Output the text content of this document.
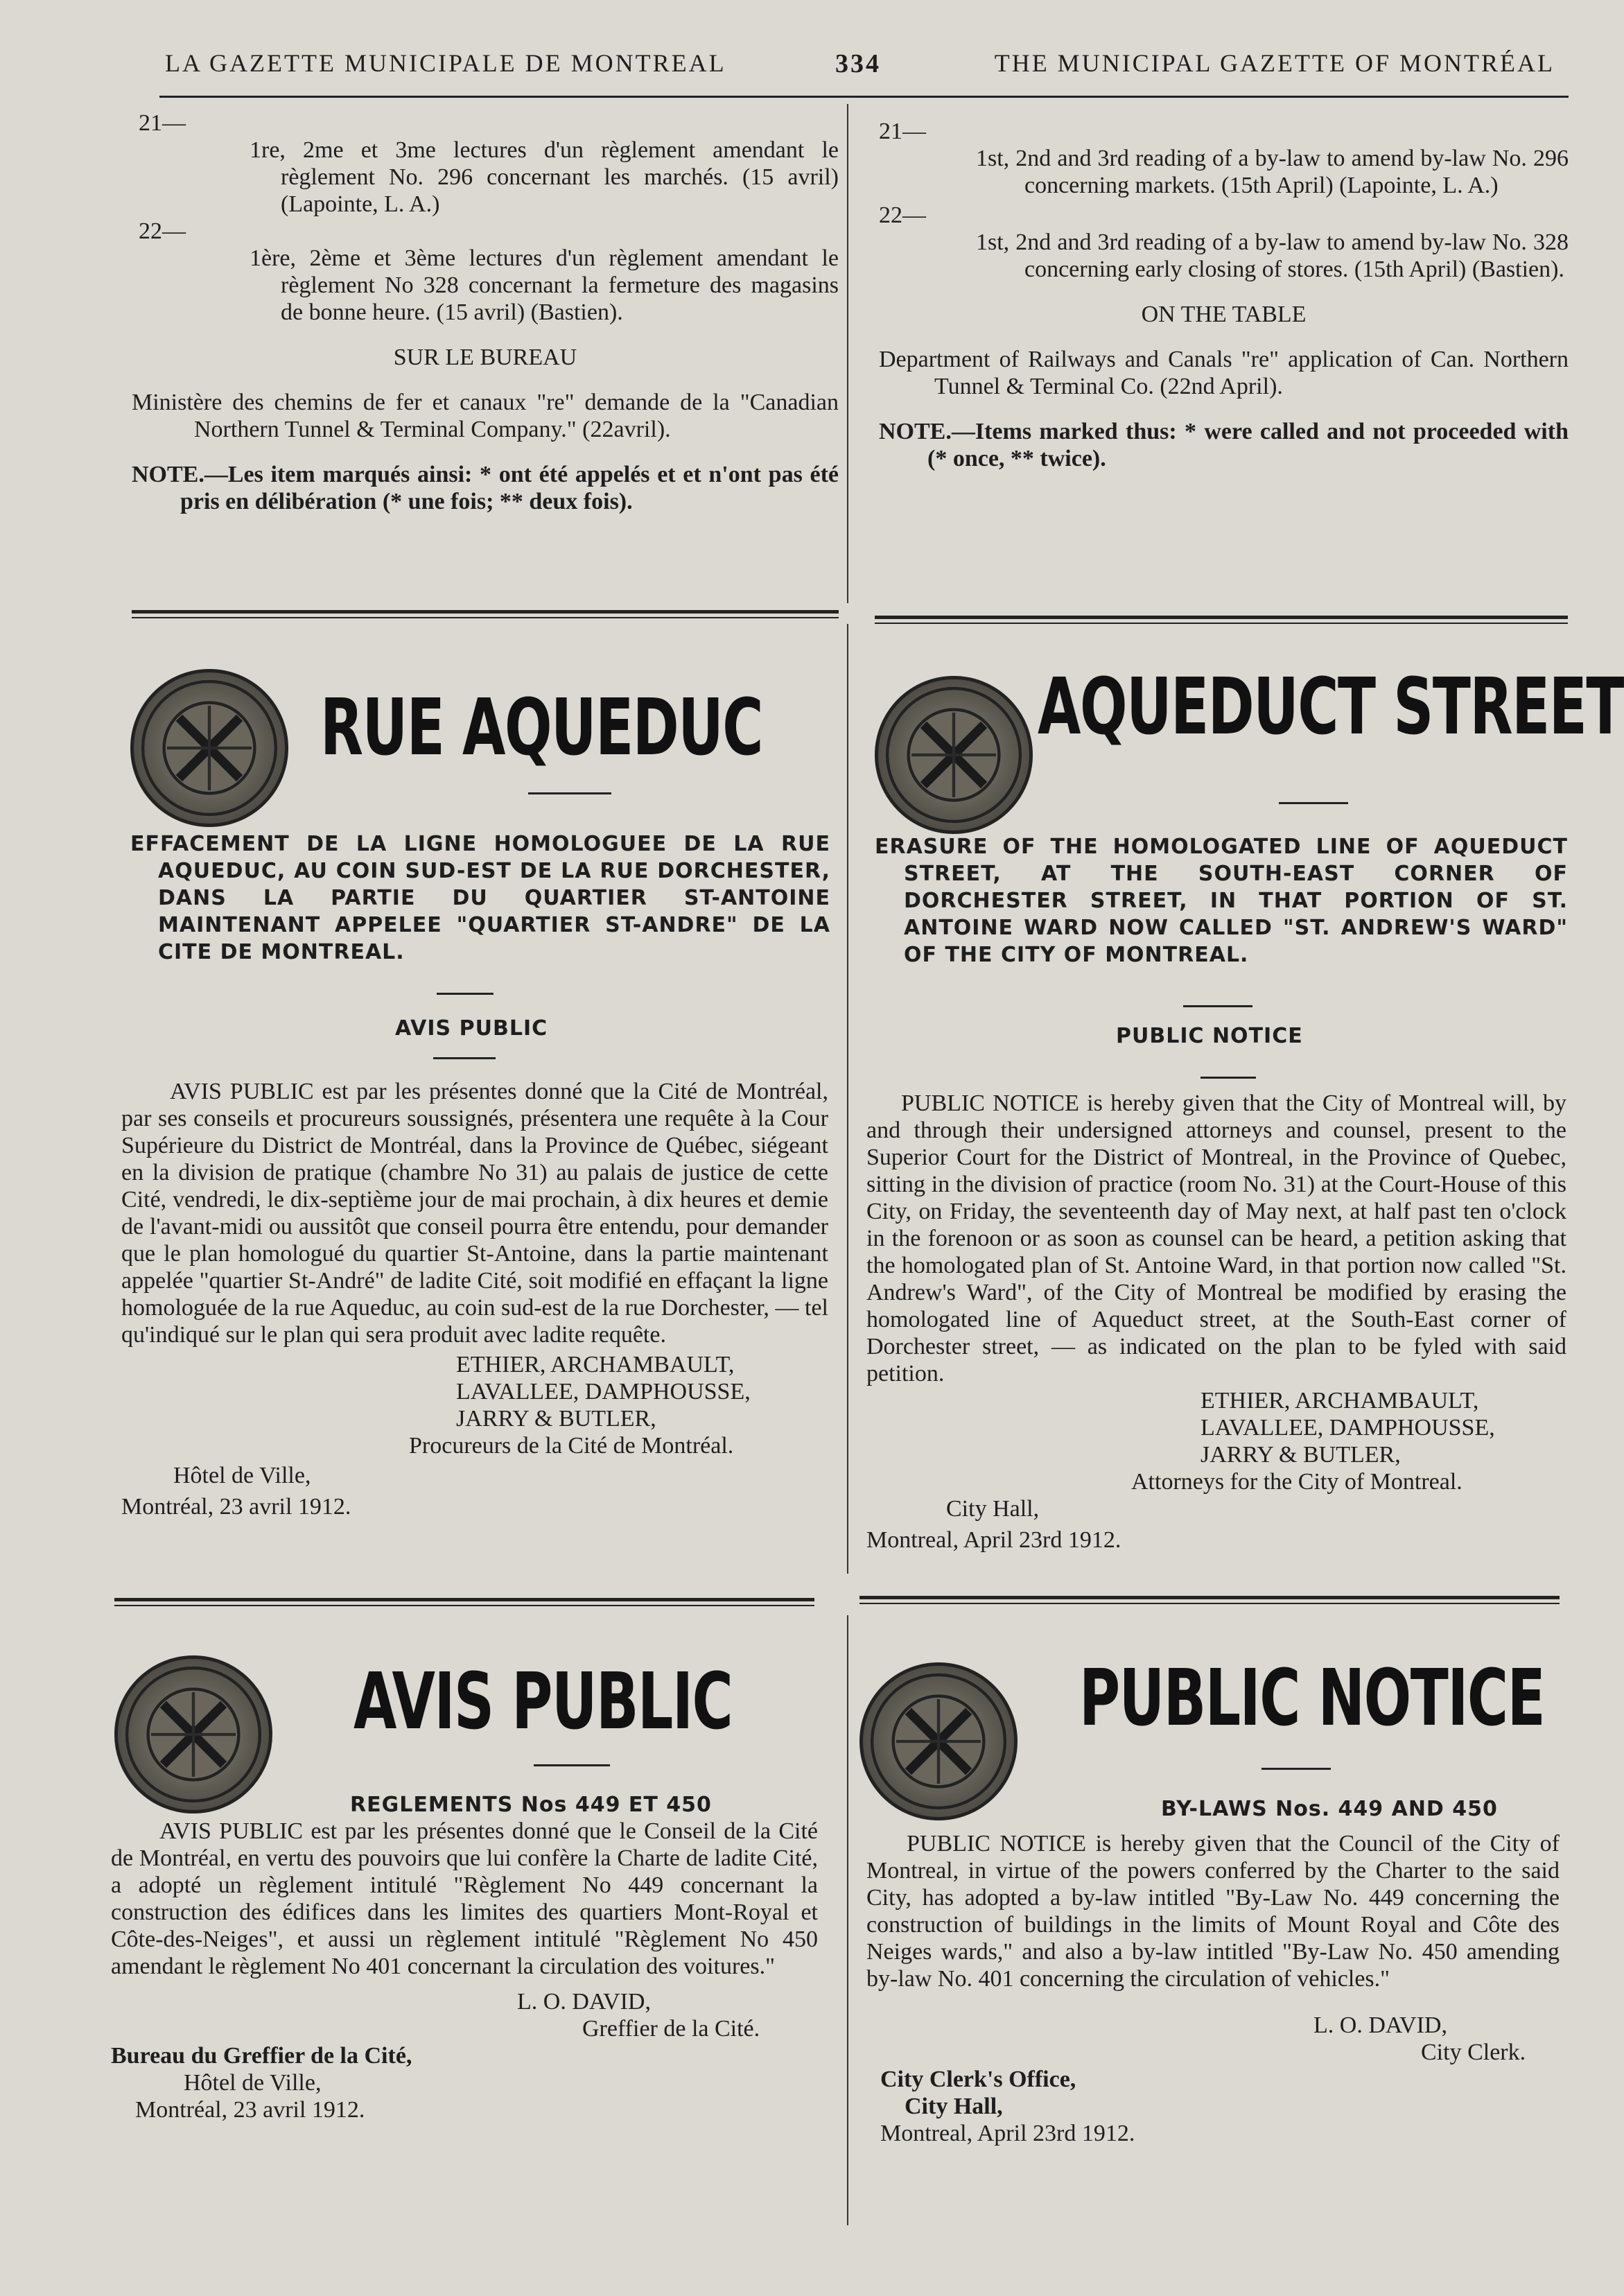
LA GAZETTE MUNICIPALE DE MONTREAL	334	THE MUNICIPAL GAZETTE OF MONTRÉAL

21—

1re, 2me et 3me lectures d'un règlement amendant le règlement No. 296 concernant les marchés. (15 avril) (Lapointe, L. A.)

22—

1ère, 2ème et 3ème lectures d'un règlement amendant le règlement No 328 concernant la fermeture des magasins de bonne heure. (15 avril) (Bastien).

SUR LE BUREAU

Ministère des chemins de fer et canaux "re" demande de la "Canadian Northern Tunnel & Terminal Company." (22avril).

NOTE.—Les item marqués ainsi: * ont été appelés et et n'ont pas été pris en délibération (* une fois; ** deux fois).

21—

1st, 2nd and 3rd reading of a by-law to amend by-law No. 296 concerning markets. (15th April) (Lapointe, L. A.)

22—

1st, 2nd and 3rd reading of a by-law to amend by-law No. 328 concerning early closing of stores. (15th April) (Bastien).

ON THE TABLE

Department of Railways and Canals "re" application of Can. Northern Tunnel & Terminal Co. (22nd April).

NOTE.—Items marked thus: * were called and not proceeded with (* once, ** twice).

RUE AQUEDUC

EFFACEMENT DE LA LIGNE HOMOLOGUEE DE LA RUE AQUEDUC, AU COIN SUD-EST DE LA RUE DORCHESTER, DANS LA PARTIE DU QUARTIER ST-ANTOINE MAINTENANT APPELEE "QUARTIER ST-ANDRE" DE LA CITE DE MONTREAL.

AVIS PUBLIC

AVIS PUBLIC est par les présentes donné que la Cité de Montréal, par ses conseils et procureurs soussignés, présentera une requête à la Cour Supérieure du District de Montréal, dans la Province de Québec, siégeant en la division de pratique (chambre No 31) au palais de justice de cette Cité, vendredi, le dix-septième jour de mai prochain, à dix heures et demie de l'avant-midi ou aussitôt que conseil pourra être entendu, pour demander que le plan homologué du quartier St-Antoine, dans la partie maintenant appelée "quartier St-André" de ladite Cité, soit modifié en effaçant la ligne homologuée de la rue Aqueduc, au coin sud-est de la rue Dorchester, — tel qu'indiqué sur le plan qui sera produit avec ladite requête.

ETHIER, ARCHAMBAULT,

LAVALLEE, DAMPHOUSSE,

JARRY & BUTLER,

Procureurs de la Cité de Montréal.

Hôtel de Ville,

Montréal, 23 avril 1912.

AQUEDUCT STREET

ERASURE OF THE HOMOLOGATED LINE OF AQUEDUCT STREET, AT THE SOUTH-EAST CORNER OF DORCHESTER STREET, IN THAT PORTION OF ST. ANTOINE WARD NOW CALLED "ST. ANDREW'S WARD" OF THE CITY OF MONTREAL.

PUBLIC NOTICE

PUBLIC NOTICE is hereby given that the City of Montreal will, by and through their undersigned attorneys and counsel, present to the Superior Court for the District of Montreal, in the Province of Quebec, sitting in the division of practice (room No. 31) at the Court-House of this City, on Friday, the seventeenth day of May next, at half past ten o'clock in the forenoon or as soon as counsel can be heard, a petition asking that the homologated plan of St. Antoine Ward, in that portion now called "St. Andrew's Ward", of the City of Montreal be modified by erasing the homologated line of Aqueduct street, at the South-East corner of Dorchester street, — as indicated on the plan to be fyled with said petition.

ETHIER, ARCHAMBAULT,

LAVALLEE, DAMPHOUSSE,

JARRY & BUTLER,

Attorneys for the City of Montreal.

City Hall,

Montreal, April 23rd 1912.

AVIS PUBLIC
REGLEMENTS Nos 449 ET 450

AVIS PUBLIC est par les présentes donné que le Conseil de la Cité de Montréal, en vertu des pouvoirs que lui confère la Charte de ladite Cité, a adopté un règlement intitulé "Règlement No 449 concernant la construction des édifices dans les limites des quartiers Mont-Royal et Côte-des-Neiges", et aussi un règlement intitulé "Règlement No 450 amendant le règlement No 401 concernant la circulation des voitures."

L. O. DAVID,

Greffier de la Cité.

Bureau du Greffier de la Cité,

Hôtel de Ville,

Montréal, 23 avril 1912.

PUBLIC NOTICE
BY-LAWS Nos. 449 AND 450

PUBLIC NOTICE is hereby given that the Council of the City of Montreal, in virtue of the powers conferred by the Charter to the said City, has adopted a by-law intitled "By-Law No. 449 concerning the construction of buildings in the limits of Mount Royal and Côte des Neiges wards," and also a by-law intitled "By-Law No. 450 amending by-law No. 401 concerning the circulation of vehicles."

L. O. DAVID,

City Clerk.

City Clerk's Office,

City Hall,

Montreal, April 23rd 1912.
